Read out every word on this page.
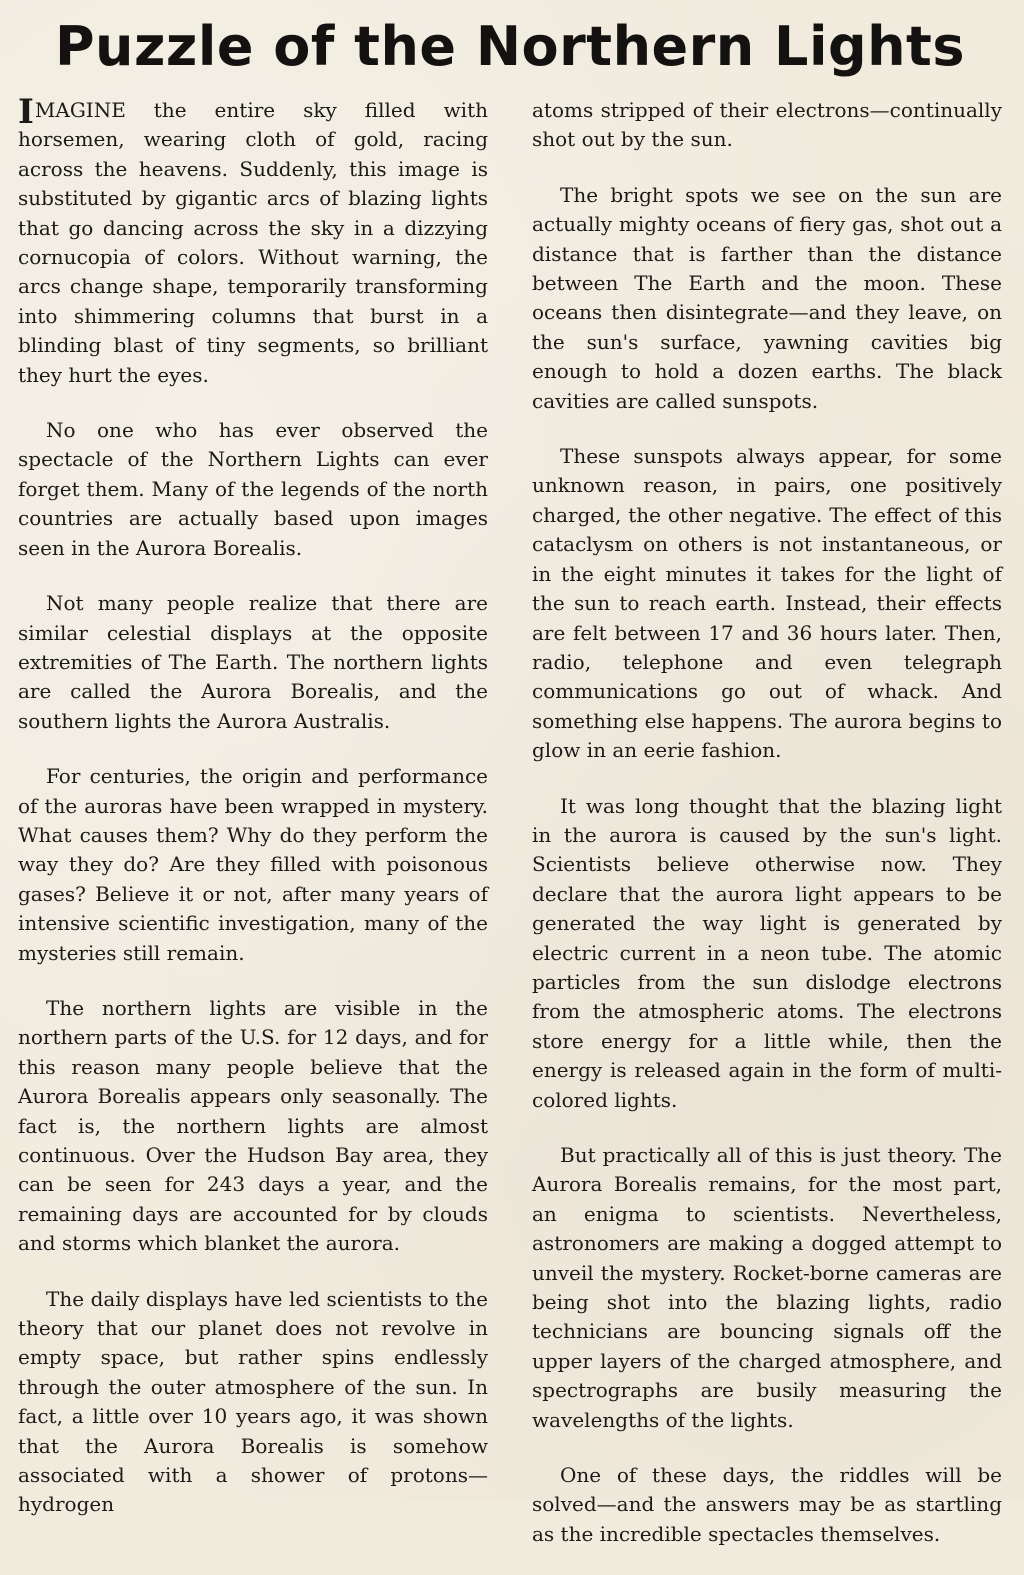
Puzzle of the Northern Lights

IMAGINE the entire sky filled with horsemen, wearing cloth of gold, racing across the heavens. Suddenly, this image is substituted by gigantic arcs of blazing lights that go dancing across the sky in a dizzying cornucopia of colors. Without warning, the arcs change shape, temporarily transforming into shimmering columns that burst in a blinding blast of tiny segments, so brilliant they hurt the eyes.

No one who has ever observed the spectacle of the Northern Lights can ever forget them. Many of the legends of the north countries are actually based upon images seen in the Aurora Borealis.

Not many people realize that there are similar celestial displays at the opposite extremities of The Earth. The northern lights are called the Aurora Borealis, and the southern lights the Aurora Australis.

For centuries, the origin and performance of the auroras have been wrapped in mystery. What causes them? Why do they perform the way they do? Are they filled with poisonous gases? Believe it or not, after many years of intensive scientific investigation, many of the mysteries still remain.

The northern lights are visible in the northern parts of the U.S. for 12 days, and for this reason many people believe that the Aurora Borealis appears only seasonally. The fact is, the northern lights are almost continuous. Over the Hudson Bay area, they can be seen for 243 days a year, and the remaining days are accounted for by clouds and storms which blanket the aurora.

The daily displays have led scientists to the theory that our planet does not revolve in empty space, but rather spins endlessly through the outer atmosphere of the sun. In fact, a little over 10 years ago, it was shown that the Aurora Borealis is somehow associated with a shower of protons—hydrogen

atoms stripped of their electrons—continually shot out by the sun.

The bright spots we see on the sun are actually mighty oceans of fiery gas, shot out a distance that is farther than the distance between The Earth and the moon. These oceans then disintegrate—and they leave, on the sun's surface, yawning cavities big enough to hold a dozen earths. The black cavities are called sunspots.

These sunspots always appear, for some unknown reason, in pairs, one positively charged, the other negative. The effect of this cataclysm on others is not instantaneous, or in the eight minutes it takes for the light of the sun to reach earth. Instead, their effects are felt between 17 and 36 hours later. Then, radio, telephone and even telegraph communications go out of whack. And something else happens. The aurora begins to glow in an eerie fashion.

It was long thought that the blazing light in the aurora is caused by the sun's light. Scientists believe otherwise now. They declare that the aurora light appears to be generated the way light is generated by electric current in a neon tube. The atomic particles from the sun dislodge electrons from the atmospheric atoms. The electrons store energy for a little while, then the energy is released again in the form of multi-colored lights.

But practically all of this is just theory. The Aurora Borealis remains, for the most part, an enigma to scientists. Nevertheless, astronomers are making a dogged attempt to unveil the mystery. Rocket-borne cameras are being shot into the blazing lights, radio technicians are bouncing signals off the upper layers of the charged atmosphere, and spectrographs are busily measuring the wavelengths of the lights.

One of these days, the riddles will be solved—and the answers may be as startling as the incredible spectacles themselves.
